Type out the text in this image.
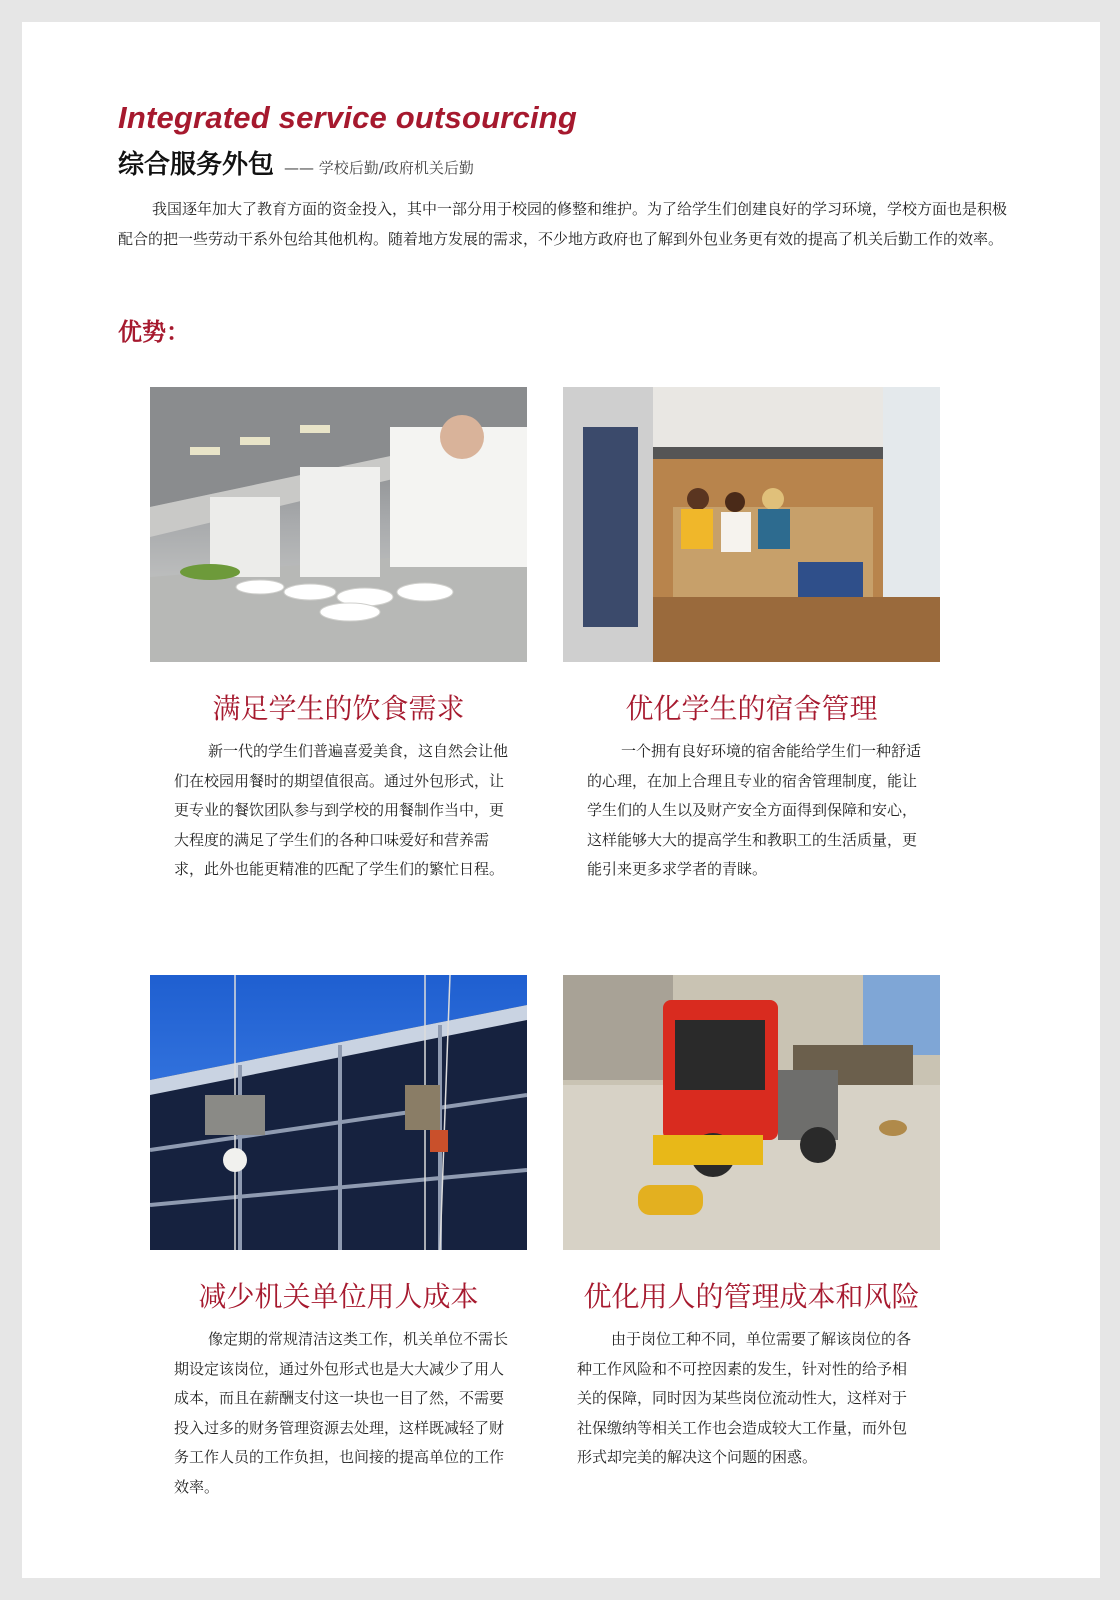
Integrated service outsourcing
综合服务外包 —— 学校后勤/政府机关后勤

我国逐年加大了教育方面的资金投入，其中一部分用于校园的修整和维护。为了给学生们创建良好的学习环境，学校方面也是积极配合的把一些劳动干系外包给其他机构。随着地方发展的需求，不少地方政府也了解到外包业务更有效的提高了机关后勤工作的效率。

优势：
满足学生的饮食需求

新一代的学生们普遍喜爱美食，这自然会让他们在校园用餐时的期望值很高。通过外包形式，让更专业的餐饮团队参与到学校的用餐制作当中，更大程度的满足了学生们的各种口味爱好和营养需求，此外也能更精准的匹配了学生们的繁忙日程。

优化学生的宿舍管理

一个拥有良好环境的宿舍能给学生们一种舒适的心理，在加上合理且专业的宿舍管理制度，能让学生们的人生以及财产安全方面得到保障和安心，这样能够大大的提高学生和教职工的生活质量，更能引来更多求学者的青睐。

减少机关单位用人成本

像定期的常规清洁这类工作，机关单位不需长期设定该岗位，通过外包形式也是大大减少了用人成本，而且在薪酬支付这一块也一目了然，不需要投入过多的财务管理资源去处理，这样既减轻了财务工作人员的工作负担，也间接的提高单位的工作效率。

优化用人的管理成本和风险

由于岗位工种不同，单位需要了解该岗位的各种工作风险和不可控因素的发生，针对性的给予相关的保障，同时因为某些岗位流动性大，这样对于社保缴纳等相关工作也会造成较大工作量，而外包形式却完美的解决这个问题的困惑。
